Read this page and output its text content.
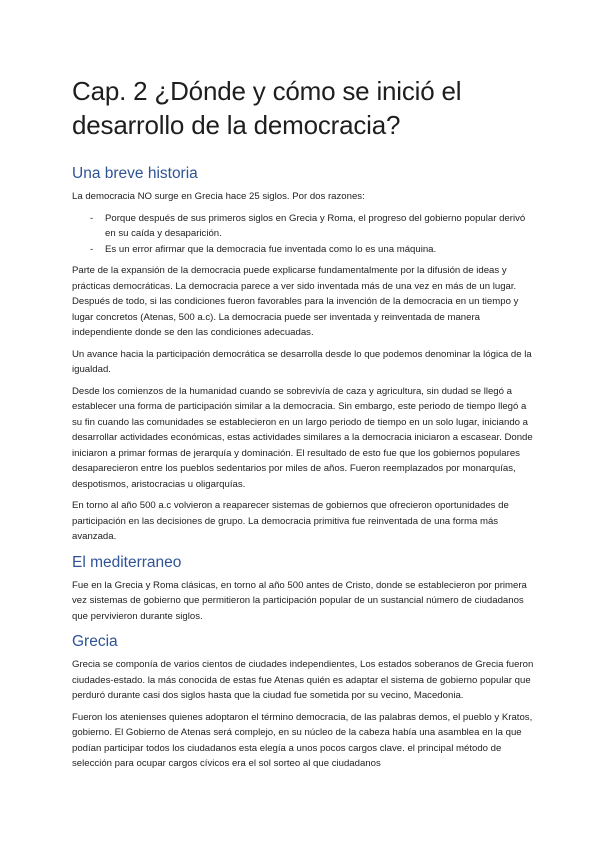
Cap. 2 ¿Dónde y cómo se inició el desarrollo de la democracia?
Una breve historia

La democracia NO surge en Grecia hace 25 siglos. Por dos razones:

- Porque después de sus primeros siglos en Grecia y Roma, el progreso del gobierno popular derivó en su caída y desaparición.
- Es un error afirmar que la democracia fue inventada como lo es una máquina.

Parte de la expansión de la democracia puede explicarse fundamentalmente por la difusión de ideas y prácticas democráticas. La democracia parece a ver sido inventada más de una vez en más de un lugar. Después de todo, si las condiciones fueron favorables para la invención de la democracia en un tiempo y lugar concretos (Atenas, 500 a.c). La democracia puede ser inventada y reinventada de manera independiente donde se den las condiciones adecuadas.

Un avance hacia la participación democrática se desarrolla desde lo que podemos denominar la lógica de la igualdad.

Desde los comienzos de la humanidad cuando se sobrevivía de caza y agricultura, sin dudad se llegó a establecer una forma de participación similar a la democracia. Sin embargo, este periodo de tiempo llegó a su fin cuando las comunidades se establecieron en un largo periodo de tiempo en un solo lugar, iniciando a desarrollar actividades económicas, estas actividades similares a la democracia iniciaron a escasear. Donde iniciaron a primar formas de jerarquía y dominación. El resultado de esto fue que los gobiernos populares desaparecieron entre los pueblos sedentarios por miles de años. Fueron reemplazados por monarquías, despotismos, aristocracias u oligarquías.

En torno al año 500 a.c volvieron a reaparecer sistemas de gobiernos que ofrecieron oportunidades de participación en las decisiones de grupo. La democracia primitiva fue reinventada de una forma más avanzada.

El mediterraneo

Fue en la Grecia y Roma clásicas, en torno al año 500 antes de Cristo, donde se establecieron por primera vez sistemas de gobierno que permitieron la participación popular de un sustancial número de ciudadanos que pervivieron durante siglos.

Grecia

Grecia se componía de varios cientos de ciudades independientes, Los estados soberanos de Grecia fueron ciudades-estado. la más conocida de estas fue Atenas quién es adaptar el sistema de gobierno popular que perduró durante casi dos siglos hasta que la ciudad fue sometida por su vecino, Macedonia.

Fueron los atenienses quienes adoptaron el término democracia, de las palabras demos, el pueblo y Kratos, gobierno. El Gobierno de Atenas será complejo, en su núcleo de la cabeza había una asamblea en la que podían participar todos los ciudadanos esta elegía a unos pocos cargos clave. el principal método de selección para ocupar cargos cívicos era el sol sorteo al que ciudadanos
